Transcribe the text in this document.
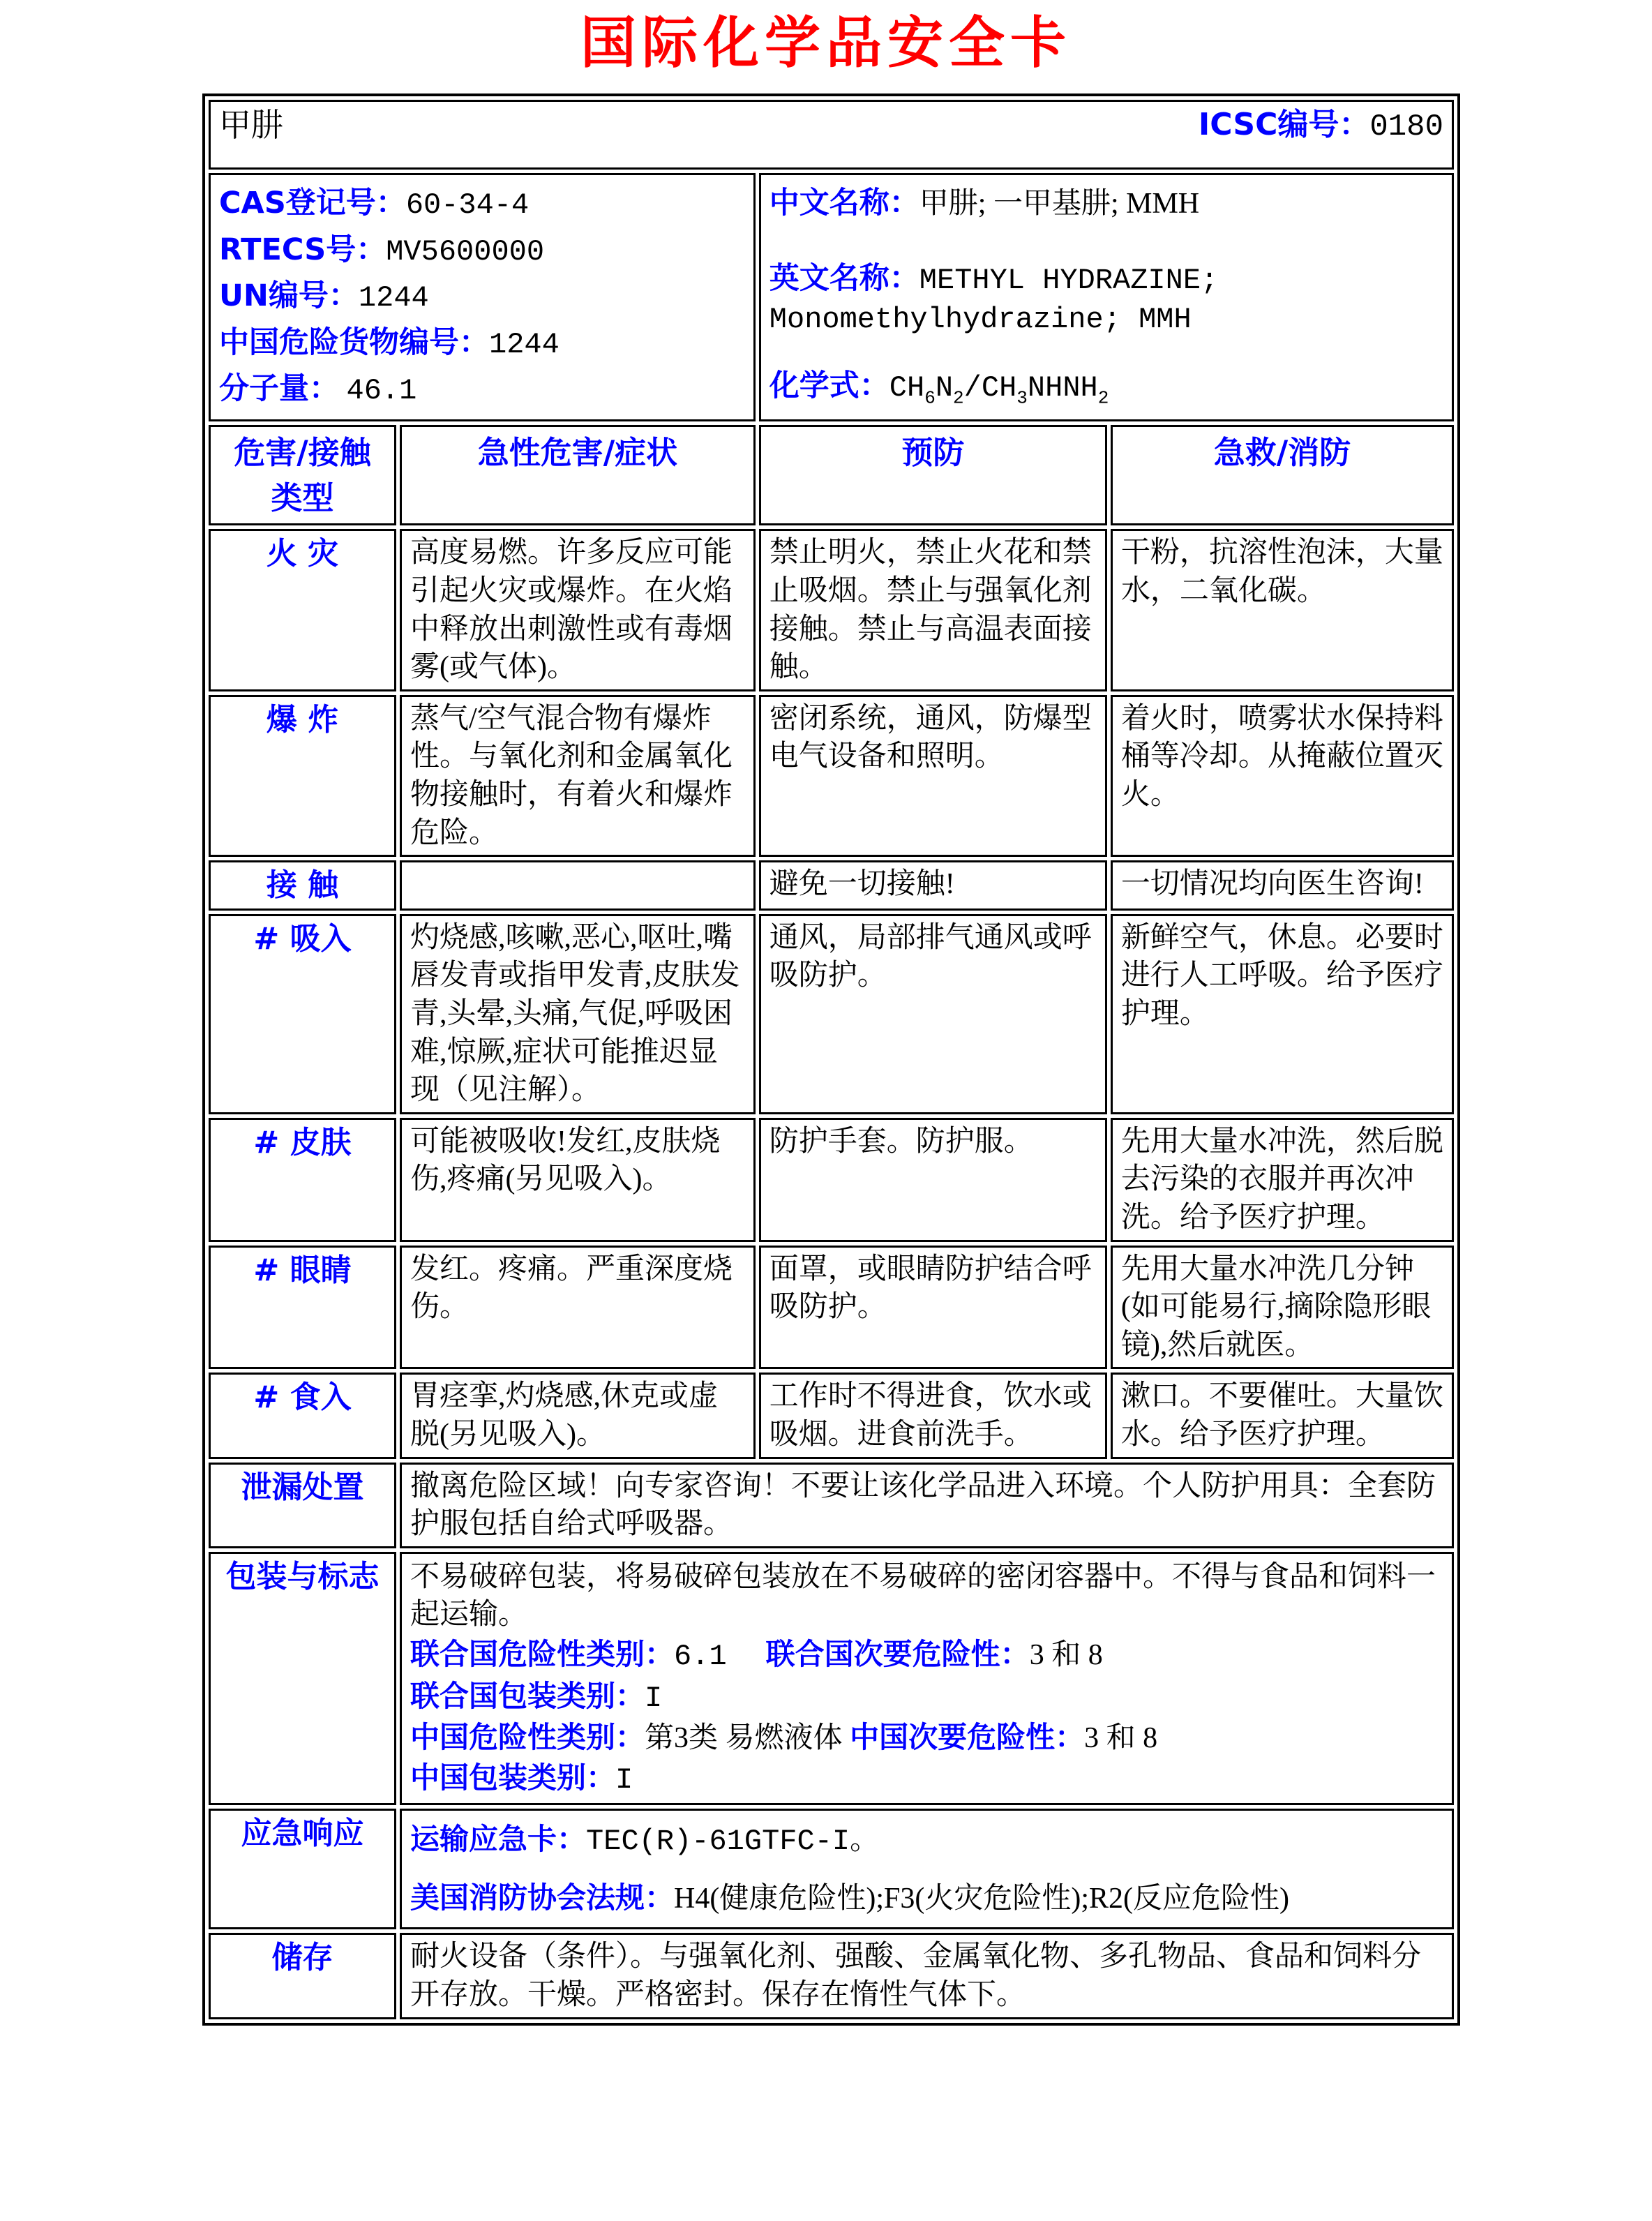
国际化学品安全卡
甲肼 ICSC编号：0180			

CAS登记号：60-34-4
RTECS号：MV5600000
UN编号：1244
中国危险货物编号：1244
分子量： 46.1

中文名称：甲肼; 一甲基肼; MMH
英文名称：METHYL HYDRAZINE;
Monomethylhydrazine; MMH
化学式：$CH_6N_2/CH_3NHNH_2$

危害/接触
类型	急性危害/症状	预防	急救/消防
火 灾	高度易燃。许多反应可能引起火灾或爆炸。在火焰中释放出刺激性或有毒烟雾(或气体)。	禁止明火，禁止火花和禁止吸烟。禁止与强氧化剂接触。禁止与高温表面接触。	干粉，抗溶性泡沫，大量水，二氧化碳。
爆 炸	蒸气/空气混合物有爆炸性。与氧化剂和金属氧化物接触时，有着火和爆炸危险。	密闭系统，通风，防爆型电气设备和照明。	着火时，喷雾状水保持料桶等冷却。从掩蔽位置灭火。
接 触		避免一切接触!	一切情况均向医生咨询!
# 吸入	灼烧感,咳嗽,恶心,呕吐,嘴唇发青或指甲发青,皮肤发青,头晕,头痛,气促,呼吸困难,惊厥,症状可能推迟显现（见注解）。	通风，局部排气通风或呼吸防护。	新鲜空气，休息。必要时进行人工呼吸。给予医疗护理。
# 皮肤	可能被吸收!发红,皮肤烧伤,疼痛(另见吸入)。	防护手套。防护服。	先用大量水冲洗，然后脱去污染的衣服并再次冲洗。给予医疗护理。
# 眼睛	发红。疼痛。严重深度烧伤。	面罩，或眼睛防护结合呼吸防护。	先用大量水冲洗几分钟(如可能易行,摘除隐形眼镜),然后就医。
# 食入	胃痉挛,灼烧感,休克或虚脱(另见吸入)。	工作时不得进食，饮水或吸烟。进食前洗手。	漱口。不要催吐。大量饮水。给予医疗护理。
泄漏处置	撤离危险区域！向专家咨询！不要让该化学品进入环境。个人防护用具：全套防护服包括自给式呼吸器。		
包装与标志	不易破碎包装，将易破碎包装放在不易破碎的密闭容器中。不得与食品和饲料一起运输。
联合国危险性类别：6.1 联合国次要危险性：3 和 8
联合国包装类别：I
中国危险性类别：第3类 易燃液体 中国次要危险性：3 和 8
中国包装类别：I		

应急响应	运输应急卡：TEC(R)-61GTFC-I。
美国消防协会法规：H4(健康危险性);F3(火灾危险性);R2(反应危险性)		

储存	耐火设备（条件）。与强氧化剂、强酸、金属氧化物、多孔物品、食品和饲料分开存放。干燥。严格密封。保存在惰性气体下。		
